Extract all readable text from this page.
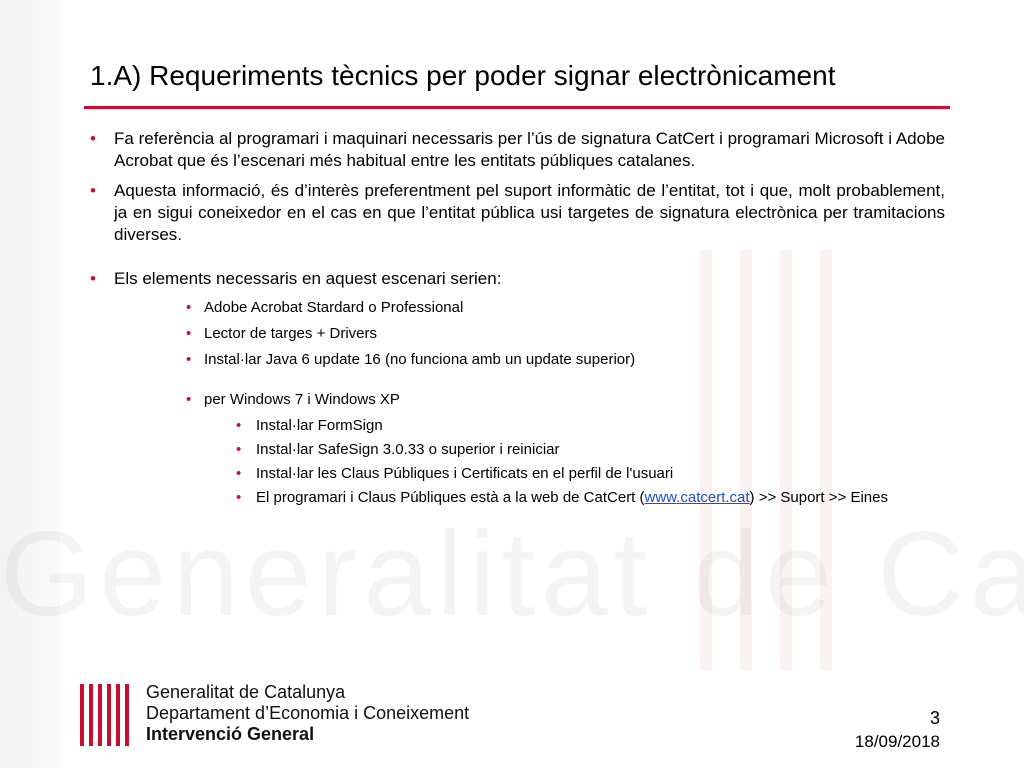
1.A) Requeriments tècnics per poder signar electrònicament

• Fa referència al programari i maquinari necessaris per l’ús de signatura CatCert i programari Microsoft i Adobe Acrobat que és l’escenari més habitual entre les entitats públiques catalanes.

• Aquesta informació, és d’interès preferentment pel suport informàtic de l’entitat, tot i que, molt probablement, ja en sigui coneixedor en el cas en que l’entitat pública usi targetes de signatura electrònica per tramitacions diverses.

• Els elements necessaris en aquest escenari serien:

• Adobe Acrobat Stardard o Professional

• Lector de targes + Drivers

• Instal·lar Java 6 update 16 (no funciona amb un update superior)

• per Windows 7 i Windows XP

• Instal·lar FormSign

• Instal·lar SafeSign 3.0.33 o superior i reiniciar

• Instal·lar les Claus Públiques i Certificats en el perfil de l'usuari

• El programari i Claus Públiques està a la web de CatCert (www.catcert.cat) >> Suport >> Eines

Generalitat de Catalunya
Departament d’Economia i Coneixement
Intervenció General
3
18/09/2018
